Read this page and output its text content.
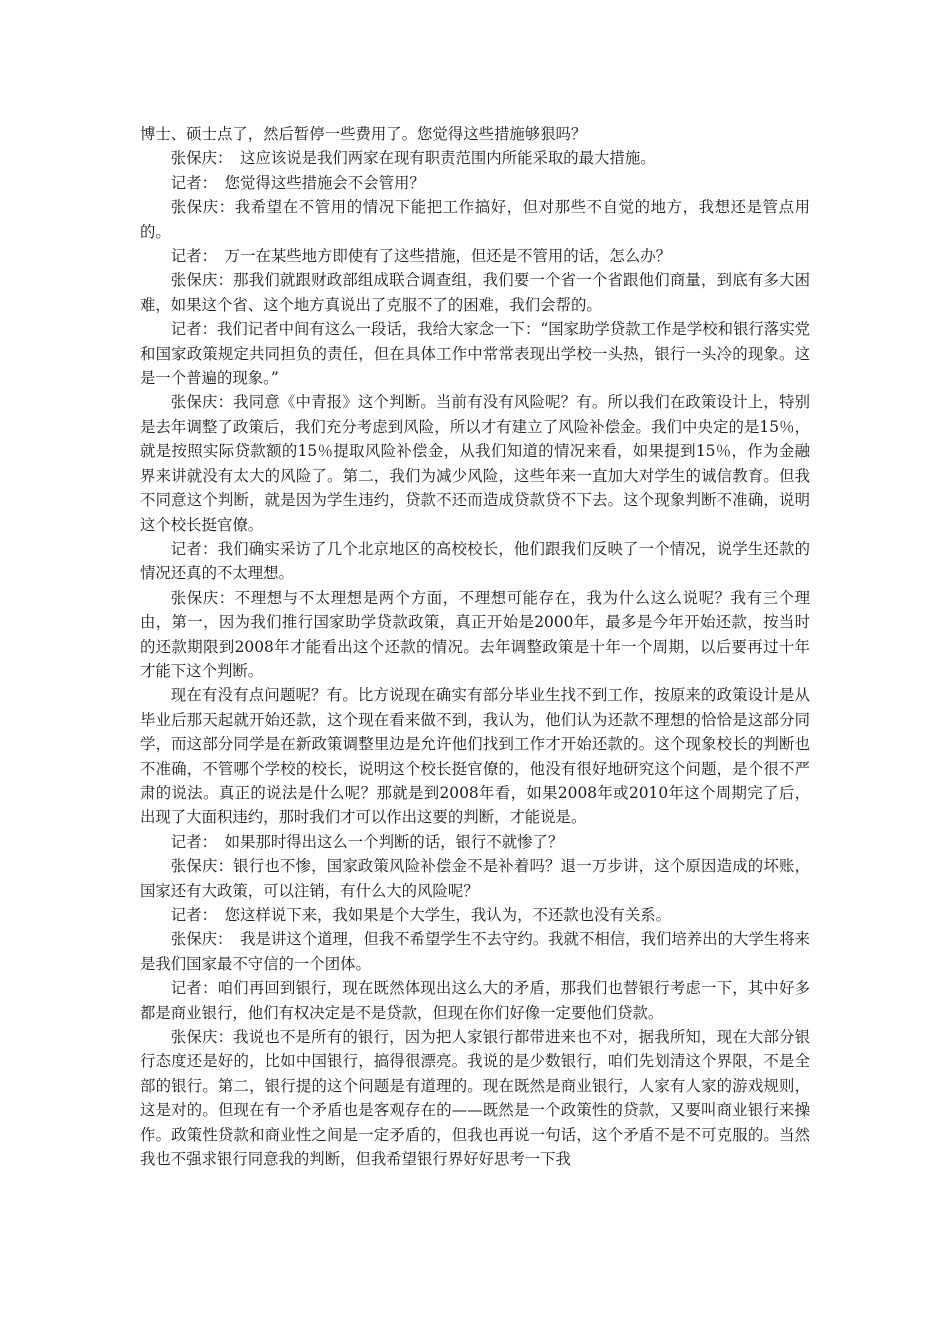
博士、硕士点了，然后暂停一些费用了。您觉得这些措施够狠吗？

张保庆：　这应该说是我们两家在现有职责范围内所能采取的最大措施。

记者：　您觉得这些措施会不会管用？

张保庆：我希望在不管用的情况下能把工作搞好，但对那些不自觉的地方，我想还是管点用的。

记者：　万一在某些地方即使有了这些措施，但还是不管用的话，怎么办？

张保庆：那我们就跟财政部组成联合调查组，我们要一个省一个省跟他们商量，到底有多大困难，如果这个省、这个地方真说出了克服不了的困难，我们会帮的。

记者：我们记者中间有这么一段话，我给大家念一下：“国家助学贷款工作是学校和银行落实党和国家政策规定共同担负的责任，但在具体工作中常常表现出学校一头热，银行一头冷的现象。这是一个普遍的现象。”

张保庆：我同意《中青报》这个判断。当前有没有风险呢？有。所以我们在政策设计上，特别是去年调整了政策后，我们充分考虑到风险，所以才有建立了风险补偿金。我们中央定的是15％，就是按照实际贷款额的15％提取风险补偿金，从我们知道的情况来看，如果提到15％，作为金融界来讲就没有太大的风险了。第二，我们为减少风险，这些年来一直加大对学生的诚信教育。但我不同意这个判断，就是因为学生违约，贷款不还而造成贷款贷不下去。这个现象判断不准确，说明这个校长挺官僚。

记者：我们确实采访了几个北京地区的高校校长，他们跟我们反映了一个情况，说学生还款的情况还真的不太理想。

张保庆：不理想与不太理想是两个方面，不理想可能存在，我为什么这么说呢？我有三个理由，第一，因为我们推行国家助学贷款政策，真正开始是2000年，最多是今年开始还款，按当时的还款期限到2008年才能看出这个还款的情况。去年调整政策是十年一个周期，以后要再过十年才能下这个判断。

现在有没有点问题呢？有。比方说现在确实有部分毕业生找不到工作，按原来的政策设计是从毕业后那天起就开始还款，这个现在看来做不到，我认为，他们认为还款不理想的恰恰是这部分同学，而这部分同学是在新政策调整里边是允许他们找到工作才开始还款的。这个现象校长的判断也不准确，不管哪个学校的校长，说明这个校长挺官僚的，他没有很好地研究这个问题，是个很不严肃的说法。真正的说法是什么呢？那就是到2008年看，如果2008年或2010年这个周期完了后，出现了大面积违约，那时我们才可以作出这要的判断，才能说是。

记者：　如果那时得出这么一个判断的话，银行不就惨了？

张保庆：银行也不惨，国家政策风险补偿金不是补着吗？退一万步讲，这个原因造成的坏账，国家还有大政策，可以注销，有什么大的风险呢？

记者：　您这样说下来，我如果是个大学生，我认为，不还款也没有关系。

张保庆：　我是讲这个道理，但我不希望学生不去守约。我就不相信，我们培养出的大学生将来是我们国家最不守信的一个团体。

记者：咱们再回到银行，现在既然体现出这么大的矛盾，那我们也替银行考虑一下，其中好多都是商业银行，他们有权决定是不是贷款，但现在你们好像一定要他们贷款。

张保庆：我说也不是所有的银行，因为把人家银行都带进来也不对，据我所知，现在大部分银行态度还是好的，比如中国银行，搞得很漂亮。我说的是少数银行，咱们先划清这个界限，不是全部的银行。第二，银行提的这个问题是有道理的。现在既然是商业银行，人家有人家的游戏规则，这是对的。但现在有一个矛盾也是客观存在的——既然是一个政策性的贷款，又要叫商业银行来操作。政策性贷款和商业性之间是一定矛盾的，但我也再说一句话，这个矛盾不是不可克服的。当然我也不强求银行同意我的判断，但我希望银行界好好思考一下我
